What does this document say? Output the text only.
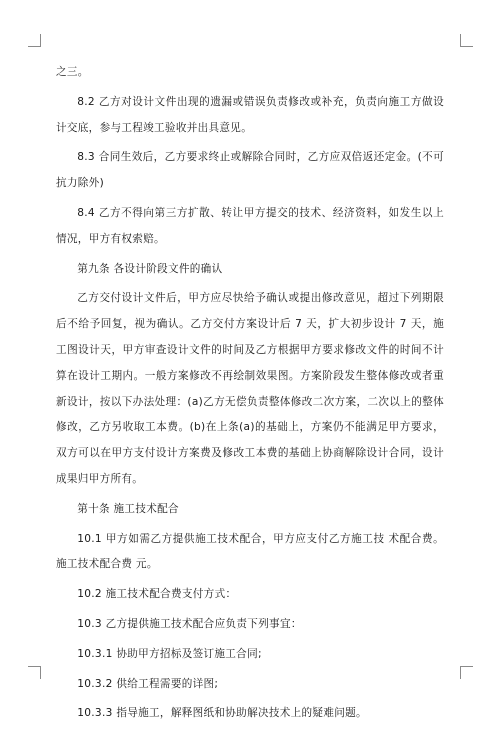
之三。

8.2 乙方对设计文件出现的遗漏或错误负责修改或补充，负责向施工方做设计交底，参与工程竣工验收并出具意见。

8.3 合同生效后，乙方要求终止或解除合同时，乙方应双倍返还定金。(不可抗力除外)

8.4 乙方不得向第三方扩散、转让甲方提交的技术、经济资料，如发生以上情况，甲方有权索赔。

第九条 各设计阶段文件的确认

乙方交付设计文件后，甲方应尽快给予确认或提出修改意见，超过下列期限后不给予回复，视为确认。乙方交付方案设计后 7 天，扩大初步设计 7 天，施工图设计天，甲方审查设计文件的时间及乙方根据甲方要求修改文件的时间不计算在设计工期内。一般方案修改不再绘制效果图。方案阶段发生整体修改或者重新设计，按以下办法处理：(a)乙方无偿负责整体修改二次方案，二次以上的整体修改，乙方另收取工本费。(b)在上条(a)的基础上，方案仍不能满足甲方要求，双方可以在甲方支付设计方案费及修改工本费的基础上协商解除设计合同，设计成果归甲方所有。

第十条 施工技术配合

10.1 甲方如需乙方提供施工技术配合，甲方应支付乙方施工技 术配合费。施工技术配合费 元。

10.2 施工技术配合费支付方式：

10.3 乙方提供施工技术配合应负责下列事宜：

10.3.1 协助甲方招标及签订施工合同;

10.3.2 供给工程需要的详图;

10.3.3 指导施工，解释图纸和协助解决技术上的疑难问题。
